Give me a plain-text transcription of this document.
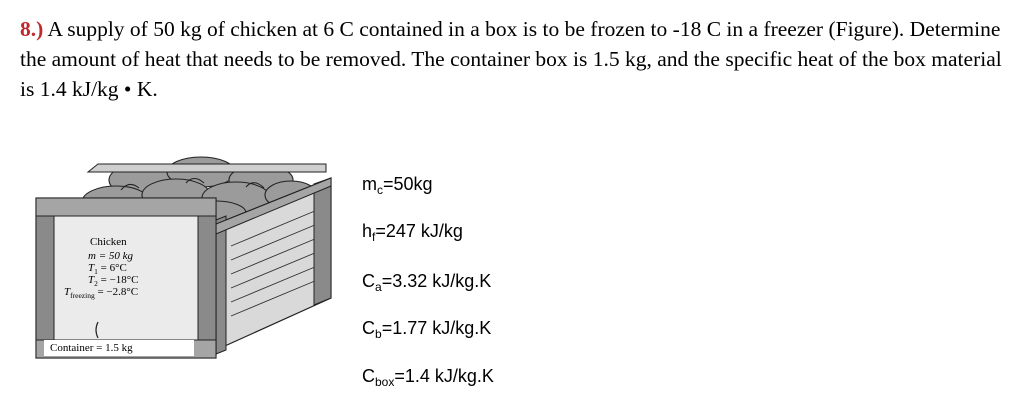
8.) A supply of 50 kg of chicken at 6 C contained in a box is to be frozen to -18 C in a freezer (Figure). Determine the amount of heat that needs to be removed. The container box is 1.5 kg, and the specific heat of the box material is 1.4 kJ/kg • K.

Chicken
m = 50 kg
$T_1 = 6^\circ C$
$T_2 = -18^\circ C$
$T_{freezing} = -2.8^\circ C$
Container = 1.5 kg
$m_c=50kg$
$h_f=247$ kJ/kg
$C_a=3.32$ kJ/kg.K
$C_b=1.77$ kJ/kg.K
$C_{box}=1.4$ kJ/kg.K
